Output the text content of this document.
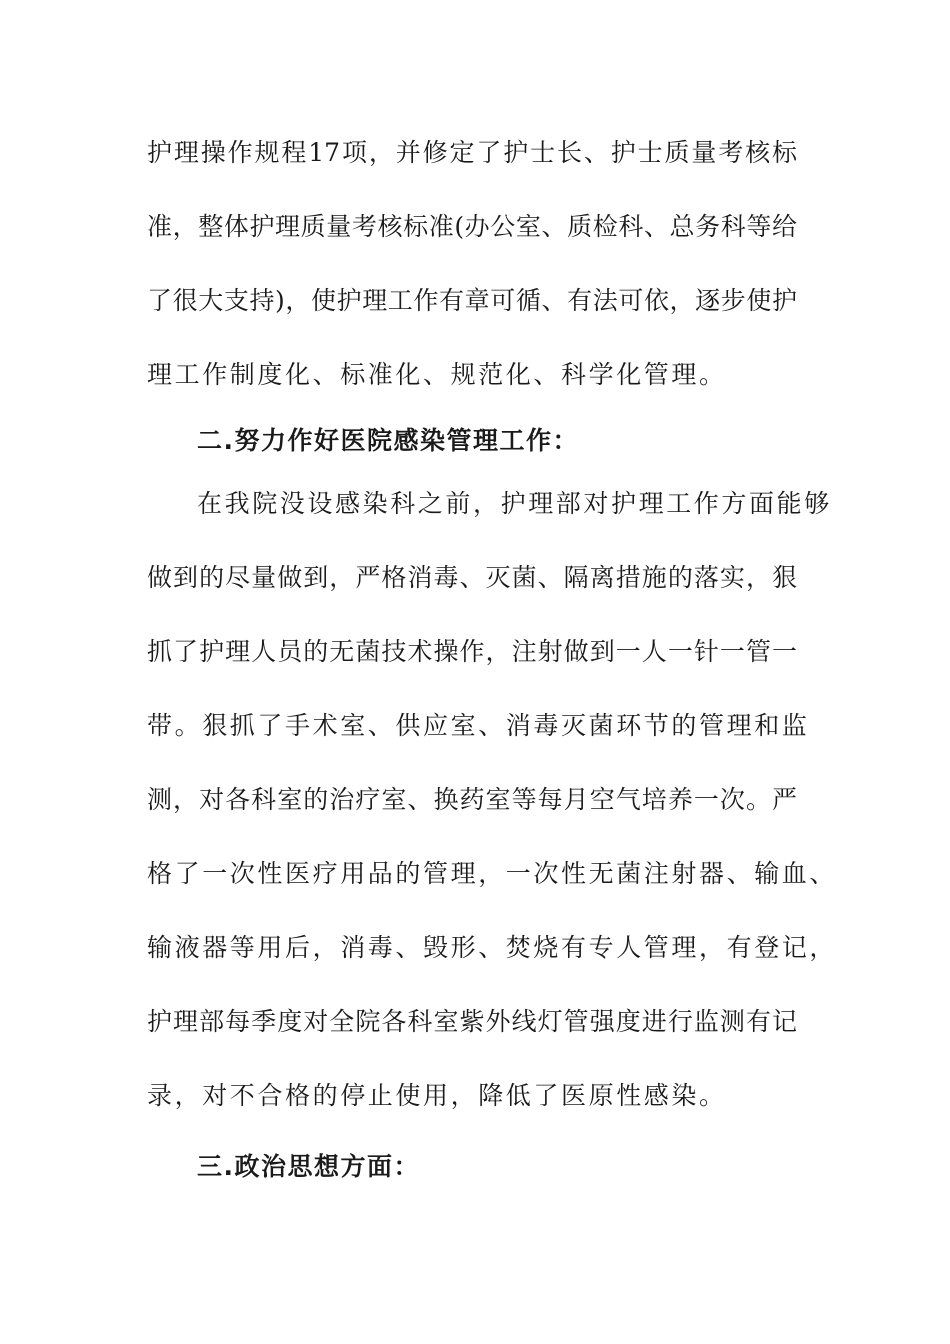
护理操作规程17项，并修定了护士长、护士质量考核标
准，整体护理质量考核标准(办公室、质检科、总务科等给
了很大支持)，使护理工作有章可循、有法可依，逐步使护
理工作制度化、标准化、规范化、科学化管理。
二.努力作好医院感染管理工作：
在我院没设感染科之前，护理部对护理工作方面能够
做到的尽量做到，严格消毒、灭菌、隔离措施的落实，狠
抓了护理人员的无菌技术操作，注射做到一人一针一管一
带。狠抓了手术室、供应室、消毒灭菌环节的管理和监
测，对各科室的治疗室、换药室等每月空气培养一次。严
格了一次性医疗用品的管理，一次性无菌注射器、输血、
输液器等用后，消毒、毁形、焚烧有专人管理，有登记，
护理部每季度对全院各科室紫外线灯管强度进行监测有记
录，对不合格的停止使用，降低了医原性感染。
三.政治思想方面：
